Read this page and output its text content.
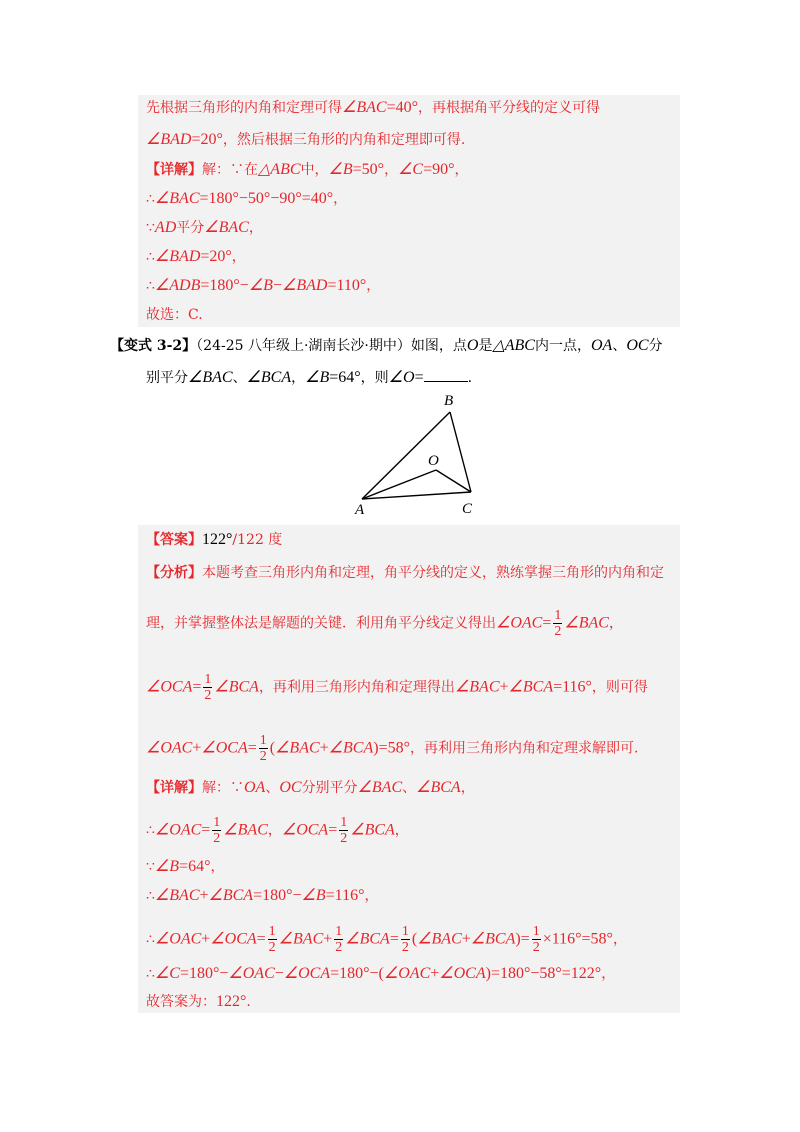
先根据三角形的内角和定理可得∠BAC=40°，再根据角平分线的定义可得
∠BAD=20°，然后根据三角形的内角和定理即可得.
【详解】解：∵在△ABC中，∠B=50°，∠C=90°，
∴∠BAC=180°−50°−90°=40°，
∵AD平分∠BAC，
∴∠BAD=20°，
∴∠ADB=180°−∠B−∠BAD=110°，
故选：C.
【变式 3-2】（24-25 八年级上·湖南长沙·期中）如图，点O是△ABC内一点，OA、OC分
别平分∠BAC、∠BCA，∠B=64°，则∠O=	.
B
O
A	C
【答案】122°/122 度
【分析】本题考查三角形内角和定理，角平分线的定义，熟练掌握三角形的内角和定
理，并掌握整体法是解题的关键．利用角平分线定义得出∠OAC= $\frac{1}{2}$ ∠BAC，
∠OCA= $\frac{1}{2}$ ∠BCA，再利用三角形内角和定理得出∠BAC+∠BCA=116°，则可得
∠OAC+∠OCA= $\frac{1}{2}$ (∠BAC+∠BCA)=58°，再利用三角形内角和定理求解即可.
【详解】解：∵OA、OC分别平分∠BAC、∠BCA，
∴∠OAC= $\frac{1}{2}$ ∠BAC，∠OCA= $\frac{1}{2}$ ∠BCA，
∵∠B=64°，
∴∠BAC+∠BCA=180°−∠B=116°，
∴∠OAC+∠OCA= $\frac{1}{2}$ ∠BAC+ $\frac{1}{2}$ ∠BCA= $\frac{1}{2}$ (∠BAC+∠BCA)= $\frac{1}{2} \times 116^\circ=58^\circ$，
∴∠C=180°−∠OAC−∠OCA=180°−(∠OAC+∠OCA)=180°−58°=122°，
故答案为：122°.
